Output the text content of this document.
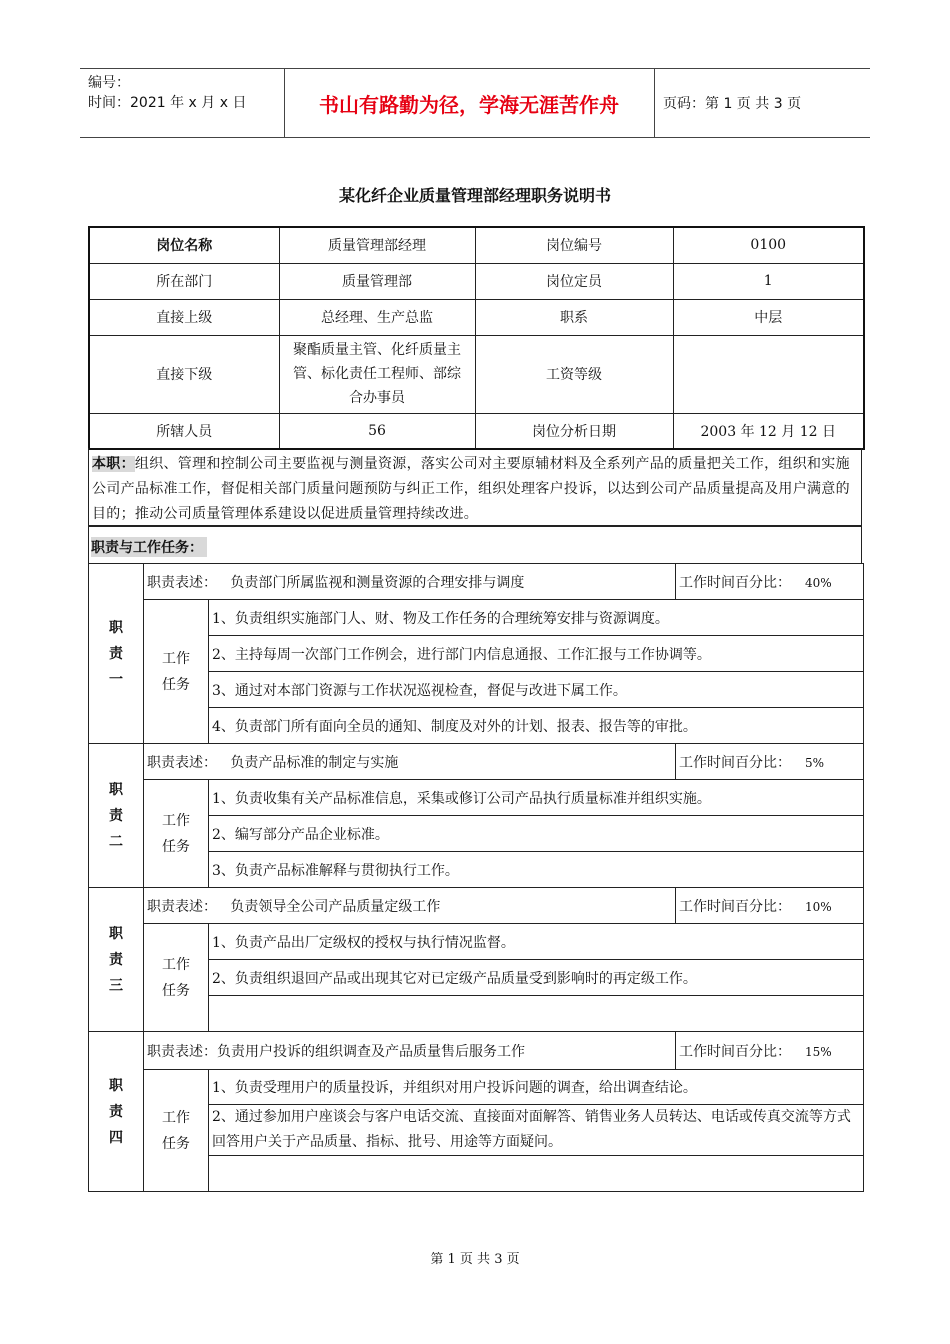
编号：
时间：2021 年 x 月 x 日	书山有路勤为径，学海无涯苦作舟	页码：第 1 页 共 3 页
某化纤企业质量管理部经理职务说明书
岗位名称	质量管理部经理	岗位编号	0100
所在部门	质量管理部	岗位定员	1
直接上级	总经理、生产总监	职系	中层
直接下级	聚酯质量主管、化纤质量主管、标化责任工程师、部综合办事员	工资等级	
所辖人员	56	岗位分析日期	2003 年 12 月 12 日
本职：组织、管理和控制公司主要监视与测量资源，落实公司对主要原辅材料及全系列产品的质量把关工作，组织和实施公司产品标准工作，督促相关部门质量问题预防与纠正工作，组织处理客户投诉，以达到公司产品质量提高及用户满意的目的；推动公司质量管理体系建设以促进质量管理持续改进。
职责与工作任务：
职
责
一	职责表述： 负责部门所属监视和测量资源的合理安排与调度		工作时间百分比： 40%
	工作
任务	1、负责组织实施部门人、财、物及工作任务的合理统筹安排与资源调度。	
		2、主持每周一次部门工作例会，进行部门内信息通报、工作汇报与工作协调等。	
		3、通过对本部门资源与工作状况巡视检查，督促与改进下属工作。	
		4、负责部门所有面向全员的通知、制度及对外的计划、报表、报告等的审批。	
职
责
二	职责表述： 负责产品标准的制定与实施		工作时间百分比： 5%
	工作
任务	1、负责收集有关产品标准信息，采集或修订公司产品执行质量标准并组织实施。	
		2、编写部分产品企业标准。	
		3、负责产品标准解释与贯彻执行工作。	
职
责
三	职责表述： 负责领导全公司产品质量定级工作		工作时间百分比： 10%
	工作
任务	1、负责产品出厂定级权的授权与执行情况监督。	
		2、负责组织退回产品或出现其它对已定级产品质量受到影响时的再定级工作。	

职
责
四	职责表述：负责用户投诉的组织调查及产品质量售后服务工作		工作时间百分比： 15%
	工作
任务	1、负责受理用户的质量投诉，并组织对用户投诉问题的调查，给出调查结论。	
		2、通过参加用户座谈会与客户电话交流、直接面对面解答、销售业务人员转达、电话或传真交流等方式回答用户关于产品质量、指标、批号、用途等方面疑问。	

第 1 页 共 3 页
